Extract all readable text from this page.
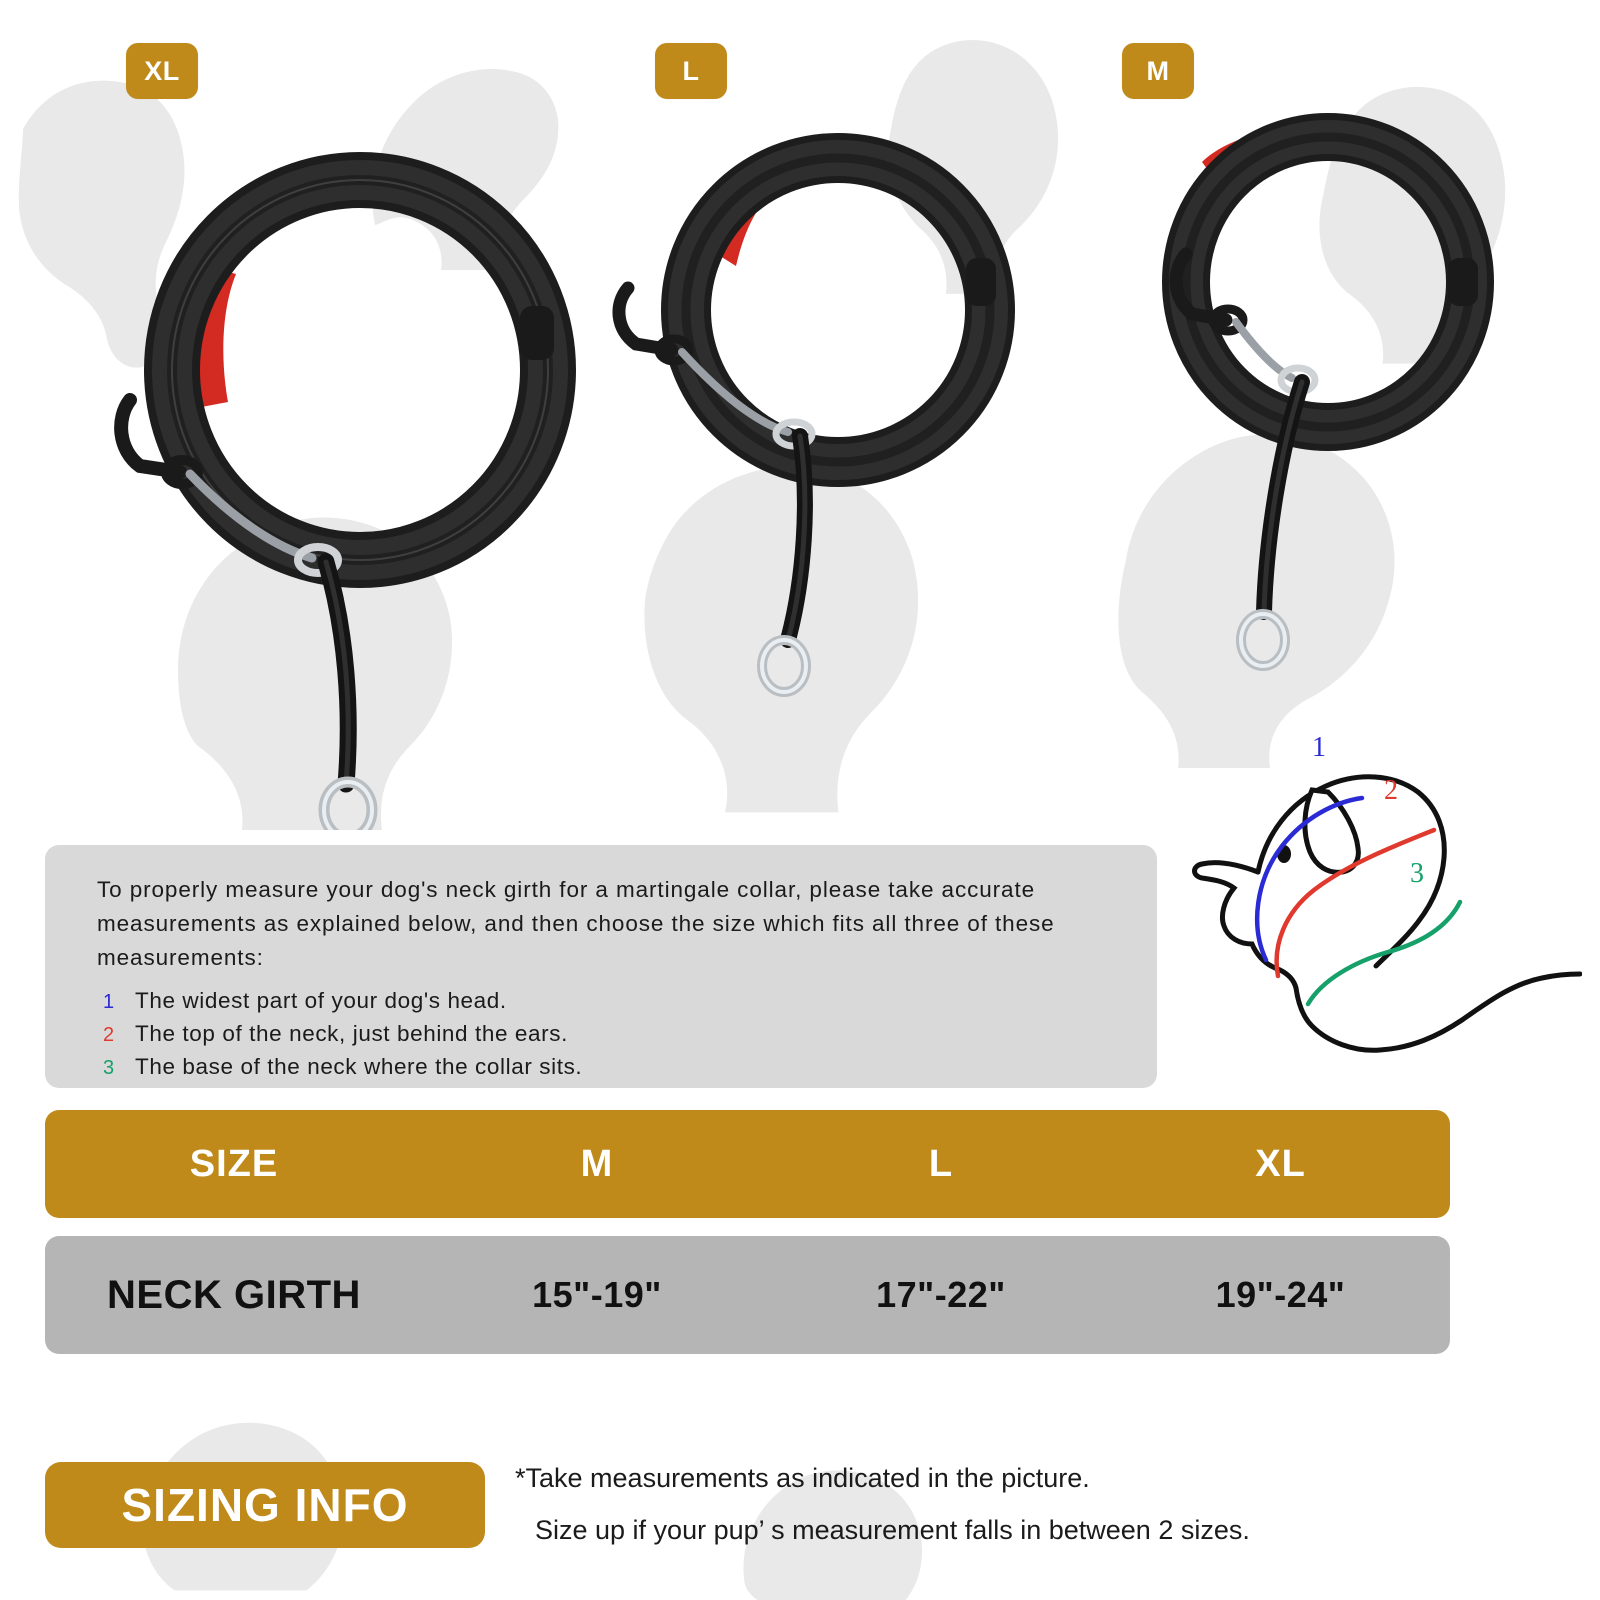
XL	L	M

To properly measure your dog's neck girth for a martingale collar, please take accurate measurements as explained below, and then choose the size which fits all three of these measurements:

1 The widest part of your dog's head.
2 The top of the neck, just behind the ears.
3 The base of the neck where the collar sits.
1
2
3
SIZE	M	L	XL
NECK GIRTH	15"-19"	17"-22"	19"-24"
SIZING INFO
*Take measurements as indicated in the picture.
Size up if your pup’ s measurement falls in between 2 sizes.
